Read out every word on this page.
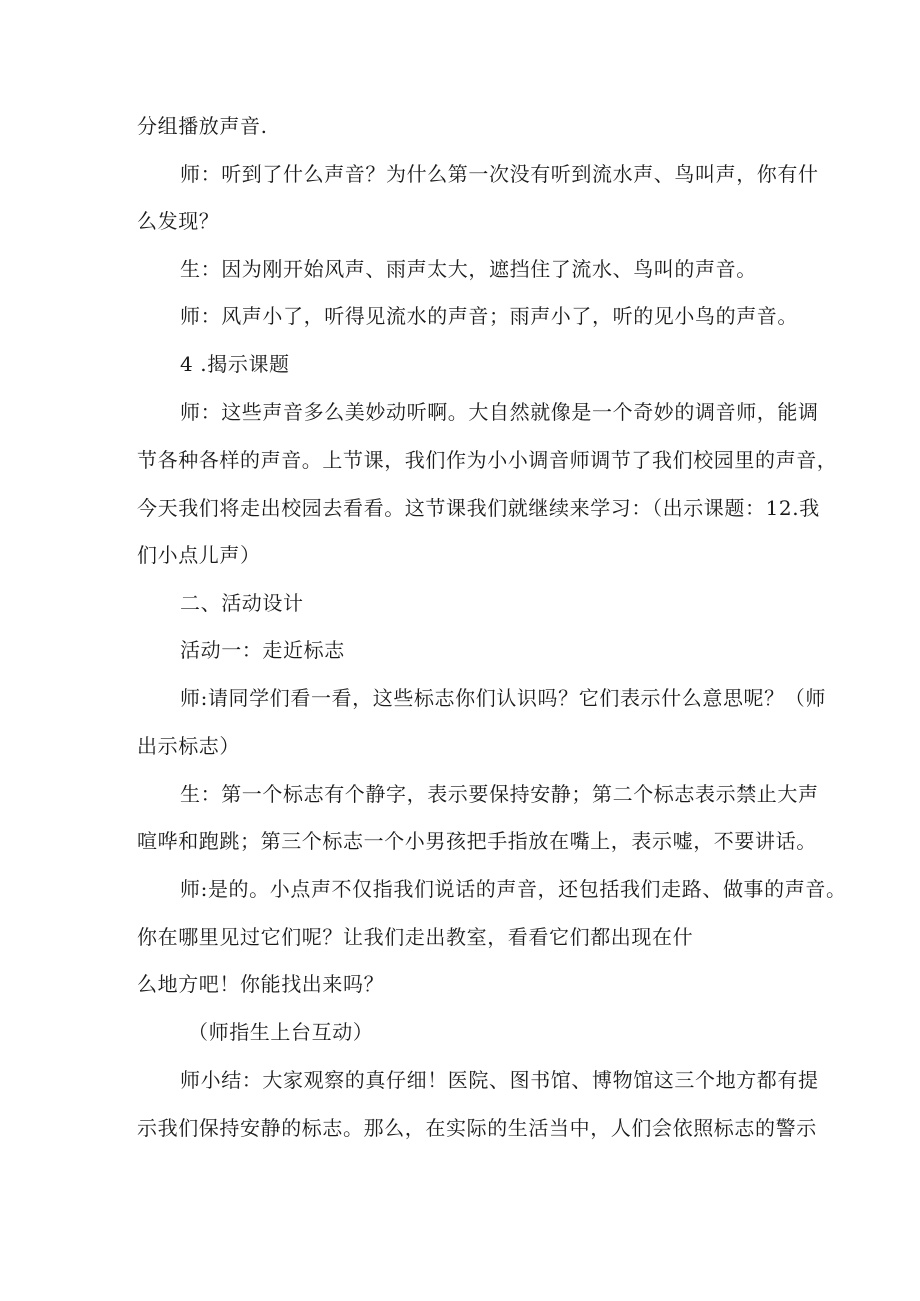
分组播放声音.
师：听到了什么声音？为什么第一次没有听到流水声、鸟叫声，你有什
么发现？
生：因为刚开始风声、雨声太大，遮挡住了流水、鸟叫的声音。
师：风声小了，听得见流水的声音；雨声小了，听的见小鸟的声音。
4 .揭示课题
师：这些声音多么美妙动听啊。大自然就像是一个奇妙的调音师，能调
节各种各样的声音。上节课，我们作为小小调音师调节了我们校园里的声音，
今天我们将走出校园去看看。这节课我们就继续来学习：（出示课题：12.我
们小点儿声）
二、活动设计
活动一：走近标志
师:请同学们看一看，这些标志你们认识吗？它们表示什么意思呢？（师
出示标志）
生：第一个标志有个静字，表示要保持安静；第二个标志表示禁止大声
喧哗和跑跳；第三个标志一个小男孩把手指放在嘴上，表示嘘，不要讲话。
师:是的。小点声不仅指我们说话的声音，还包括我们走路、做事的声音。
你在哪里见过它们呢？让我们走出教室，看看它们都出现在什
么地方吧！你能找出来吗？
（师指生上台互动）
师小结：大家观察的真仔细！医院、图书馆、博物馆这三个地方都有提
示我们保持安静的标志。那么，在实际的生活当中，人们会依照标志的警示
